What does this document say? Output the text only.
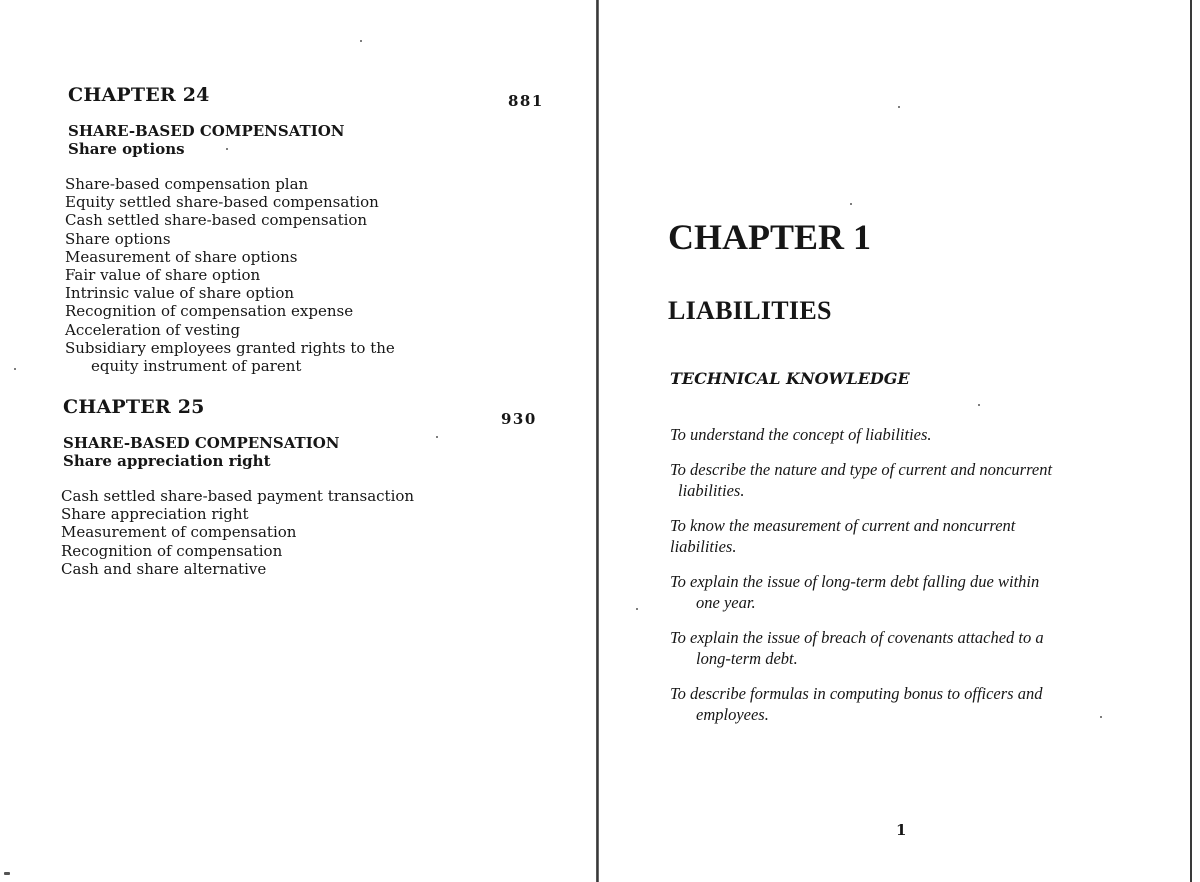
CHAPTER 24	881
SHARE-BASED COMPENSATION
Share options
Share-based compensation plan
Equity settled share-based compensation
Cash settled share-based compensation
Share options
Measurement of share options
Fair value of share option
Intrinsic value of share option
Recognition of compensation expense
Acceleration of vesting
Subsidiary employees granted rights to the
equity instrument of parent
CHAPTER 25
930
SHARE-BASED COMPENSATION
Share appreciation right
Cash settled share-based payment transaction
Share appreciation right
Measurement of compensation
Recognition of compensation
Cash and share alternative
CHAPTER 1
LIABILITIES
TECHNICAL KNOWLEDGE
To understand the concept of liabilities.
To describe the nature and type of current and noncurrent
liabilities.
To know the measurement of current and noncurrent
liabilities.
To explain the issue of long-term debt falling due within
one year.
To explain the issue of breach of covenants attached to a
long-term debt.
To describe formulas in computing bonus to officers and
employees.
1
